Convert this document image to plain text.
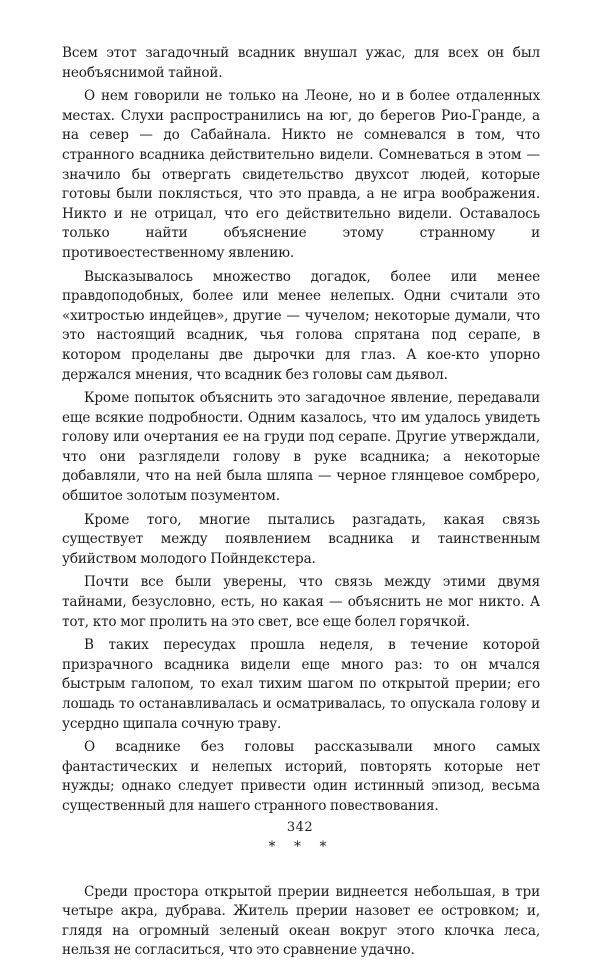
Всем этот загадочный всадник внушал ужас, для всех он был необъяснимой тайной.

О нем говорили не только на Леоне, но и в более отдаленных местах. Слухи распространились на юг, до берегов Рио-Гранде, а на север — до Сабайнала. Никто не сомневался в том, что странного всадника действительно видели. Сомневаться в этом — значило бы отвергать свидетельство двухсот людей, которые готовы были поклясться, что это правда, а не игра воображения. Никто и не отрицал, что его действительно видели. Оставалось только найти объяснение этому странному и противоестественному явлению.

Высказывалось множество догадок, более или менее правдоподобных, более или менее нелепых. Одни считали это «хитростью индейцев», другие — чучелом; некоторые думали, что это настоящий всадник, чья голова спрятана под серапе, в котором проделаны две дырочки для глаз. А кое-кто упорно держался мнения, что всадник без головы сам дьявол.

Кроме попыток объяснить это загадочное явление, передавали еще всякие подробности. Одним казалось, что им удалось увидеть голову или очертания ее на груди под серапе. Другие утверждали, что они разглядели голову в руке всадника; а некоторые добавляли, что на ней была шляпа — черное глянцевое сомбреро, обшитое золотым позументом.

Кроме того, многие пытались разгадать, какая связь существует между появлением всадника и таинственным убийством молодого Пойндекстера.

Почти все были уверены, что связь между этими двумя тайнами, безусловно, есть, но какая — объяснить не мог никто. А тот, кто мог пролить на это свет, все еще болел горячкой.

В таких пересудах прошла неделя, в течение которой призрачного всадника видели еще много раз: то он мчался быстрым галопом, то ехал тихим шагом по открытой прерии; его лошадь то останавливалась и осматривалась, то опускала голову и усердно щипала сочную траву.

О всаднике без головы рассказывали много самых фантастических и нелепых историй, повторять которые нет нужды; однако следует привести один истинный эпизод, весьма существенный для нашего странного повествования.

* * *

Среди простора открытой прерии виднеется небольшая, в три четыре акра, дубрава. Житель прерии назовет ее островком; и, глядя на огромный зеленый океан вокруг этого клочка леса, нельзя не согласиться, что это сравнение удачно.

342
